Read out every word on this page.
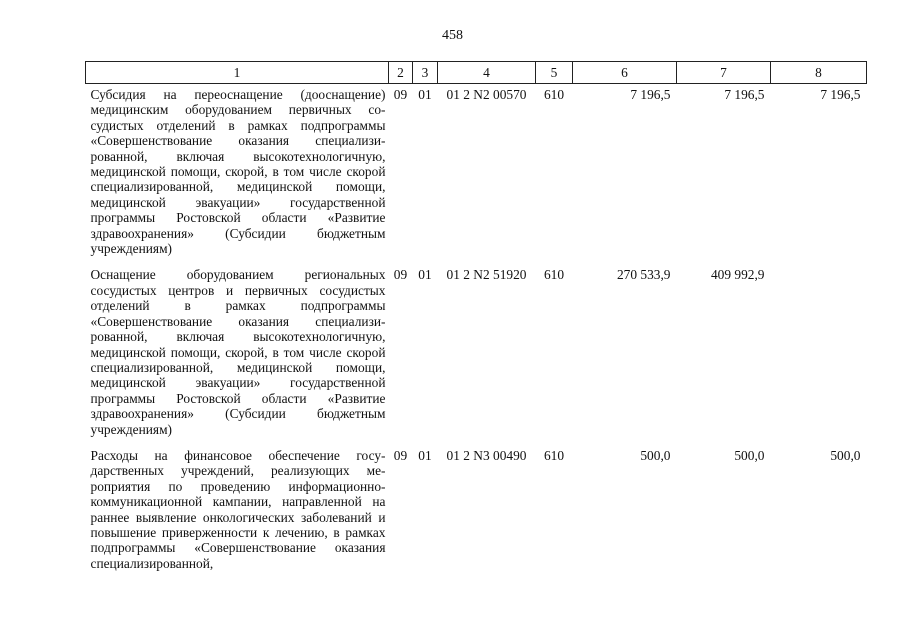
458
1	2	3	4	5	6	7	8
Субсидия на переоснащение (дооснащение) медицинским оборудованием первичных сосудистых отделений в рамках подпрограммы «Совершенствование оказания специализированной, включая высокотехнологичную, медицинской помощи, скорой, в том числе скорой специализированной, медицинской помощи, медицинской эвакуации» государственной программы Ростовской области «Развитие здравоохранения» (Субсидии бюджетным учреждениям)	09	01	01 2 N2 00570	610	7 196,5	7 196,5	7 196,5
Оснащение оборудованием региональных сосудистых центров и первичных сосудистых отделений в рамках подпрограммы «Совершенствование оказания специализированной, включая высокотехнологичную, медицинской помощи, скорой, в том числе скорой специализированной, медицинской помощи, медицинской эвакуации» государственной программы Ростовской области «Развитие здравоохранения» (Субсидии бюджетным учреждениям)	09	01	01 2 N2 51920	610	270 533,9	409 992,9	
Расходы на финансовое обеспечение государственных учреждений, реализующих мероприятия по проведению информационно-коммуникационной кампании, направленной на раннее выявление онкологических заболеваний и повышение приверженности к лечению, в рамках подпрограммы «Совершенствование оказания специализированной,	09	01	01 2 N3 00490	610	500,0	500,0	500,0
